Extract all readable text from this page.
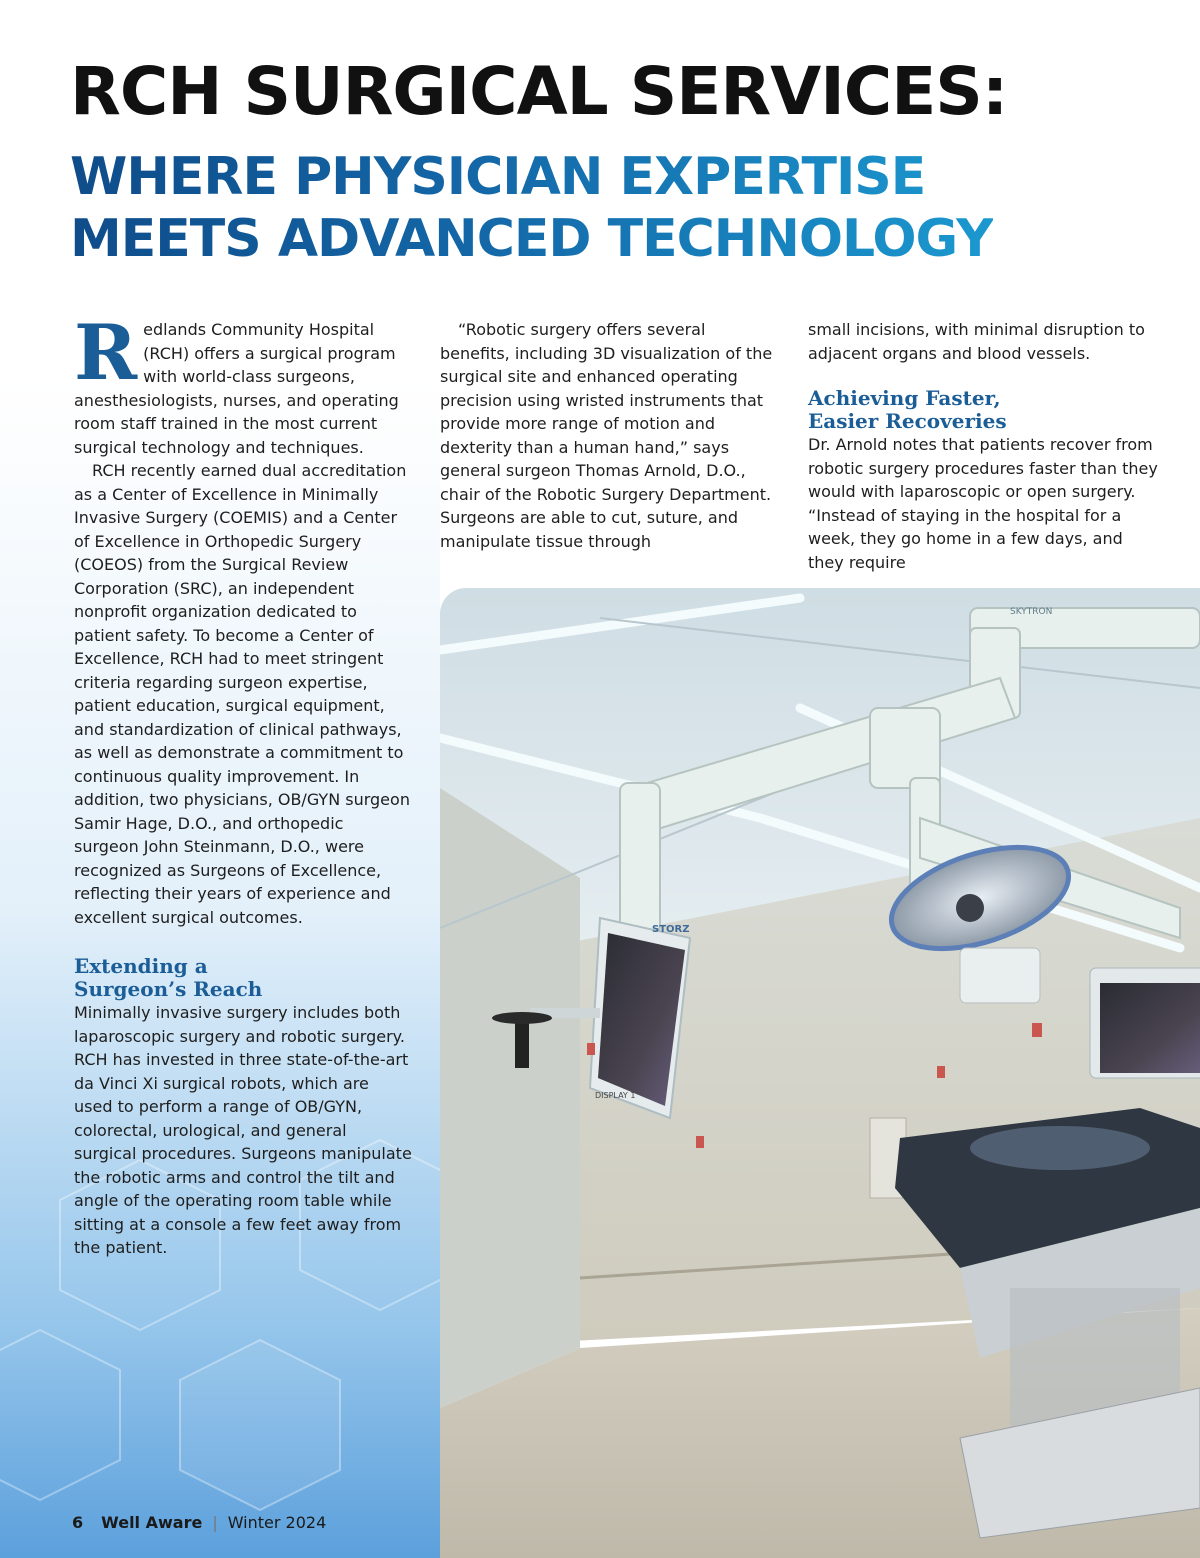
RCH SURGICAL SERVICES:
WHERE PHYSICIAN EXPERTISE
MEETS ADVANCED TECHNOLOGY

Redlands Community Hospital (RCH) offers a surgical program with world-class surgeons, anesthesiologists, nurses, and operating room staff trained in the most current surgical technology and techniques.

RCH recently earned dual accreditation as a Center of Excellence in Minimally Invasive Surgery (COEMIS) and a Center of Excellence in Orthopedic Surgery (COEOS) from the Surgical Review Corporation (SRC), an independent nonprofit organization dedicated to patient safety. To become a Center of Excellence, RCH had to meet stringent criteria regarding surgeon expertise, patient education, surgical equipment, and standardization of clinical pathways, as well as demonstrate a commitment to continuous quality improvement. In addition, two physicians, OB/GYN surgeon Samir Hage, D.O., and orthopedic surgeon John Steinmann, D.O., were recognized as Surgeons of Excellence, reflecting their years of experience and excellent surgical outcomes.

Extending a
Surgeon’s Reach

Minimally invasive surgery includes both laparoscopic surgery and robotic surgery. RCH has invested in three state-of-the-art da Vinci Xi surgical robots, which are used to perform a range of OB/GYN, colorectal, urological, and general surgical procedures. Surgeons manipulate the robotic arms and control the tilt and angle of the operating room table while sitting at a console a few feet away from the patient.

“Robotic surgery offers several benefits, including 3D visualization of the surgical site and enhanced operating precision using wristed instruments that provide more range of motion and dexterity than a human hand,” says general surgeon Thomas Arnold, D.O., chair of the Robotic Surgery Department. Surgeons are able to cut, suture, and manipulate tissue through

small incisions, with minimal disruption to adjacent organs and blood vessels.

Achieving Faster,
Easier Recoveries

Dr. Arnold notes that patients recover from robotic surgery procedures faster than they would with laparoscopic or open surgery. “Instead of staying in the hospital for a week, they go home in a few days, and they require

SKYTRON
STORZ
DISPLAY 1
6 Well Aware | Winter 2024
